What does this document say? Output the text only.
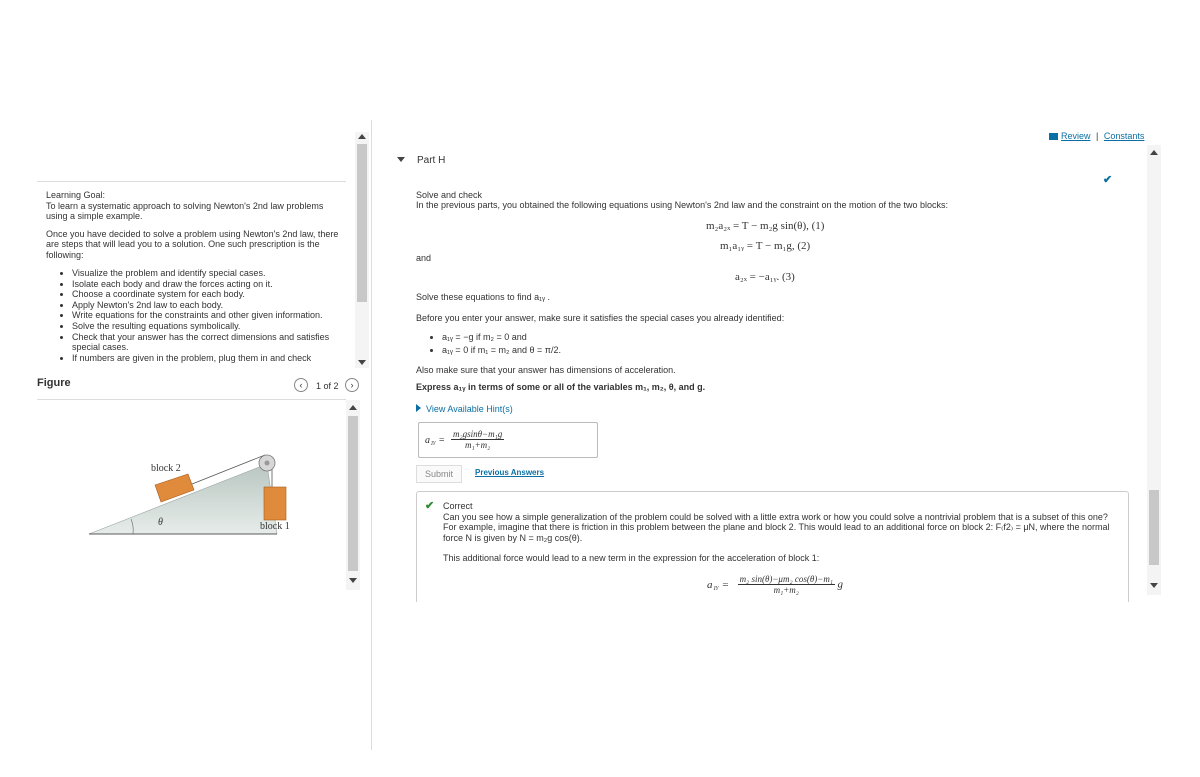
Learning Goal:
To learn a systematic approach to solving Newton's 2nd law problems using a simple example.
Once you have decided to solve a problem using Newton's 2nd law, there are steps that will lead you to a solution. One such prescription is the following:
• Visualize the problem and identify special cases.
• Isolate each body and draw the forces acting on it.
• Choose a coordinate system for each body.
• Apply Newton's 2nd law to each body.
• Write equations for the constraints and other given information.
• Solve the resulting equations symbolically.
• Check that your answer has the correct dimensions and satisfies special cases.
• If numbers are given in the problem, plug them in and check
Figure	‹	1 of 2	›
block 2
block 1
θ
Review | Constants
Part H
✔
Solve and check
In the previous parts, you obtained the following equations using Newton's 2nd law and the constraint on the motion of the two blocks:
m₂a₂ₓ = T − m₂g sin(θ), (1)
m₁a₁ᵧ = T − m₁g, (2)
and
a₂ₓ = −a₁ᵧ. (3)
Solve these equations to find a₁ᵧ .
Before you enter your answer, make sure it satisfies the special cases you already identified:
• a₁ᵧ = −g if m₂ = 0 and
• a₁ᵧ = 0 if m₁ = m₂ and θ = π/2.
Also make sure that your answer has dimensions of acceleration.
Express a₁ᵧ in terms of some or all of the variables m₁, m₂, θ, and g.
View Available Hint(s)
a₁ᵧ = $\frac{\text{m₂gsinθ−m₁g}}{\text{m₁+m₂}}$
Submit	Previous Answers
✔ Correct
Can you see how a simple generalization of the problem could be solved with a little extra work or how you could solve a nontrivial problem that is a subset of this one?
For example, imagine that there is friction in this problem between the plane and block 2. This would lead to an additional force on block 2: F₍f2₎ = μN, where the normal force N is given by N = m₂g cos(θ).
This additional force would lead to a new term in the expression for the acceleration of block 1:
a₁ᵧ = $\frac{\text{m₂ sin(θ)−μm₂ cos(θ)−m₁}}{\text{m₁+m₂}}$ g
